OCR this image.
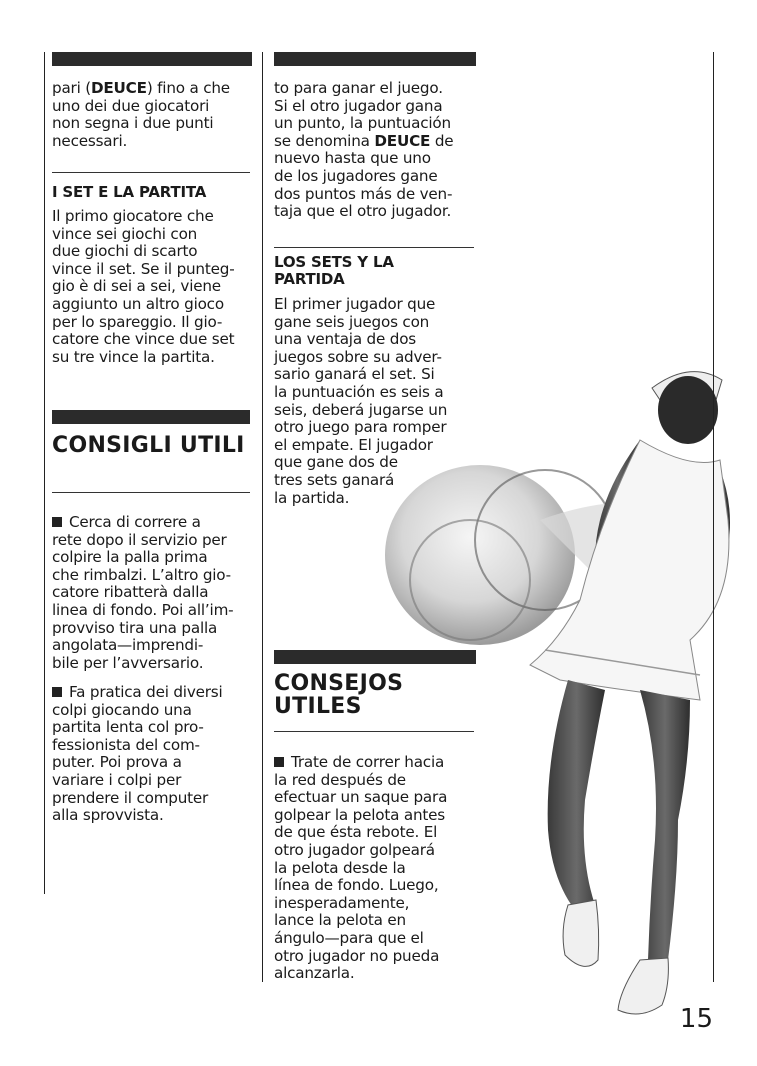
pari (DEUCE) fino a che

uno dei due giocatori

non segna i due punti

necessari.

I SET E LA PARTITA

Il primo giocatore che

vince sei giochi con

due giochi di scarto

vince il set. Se il punteg-

gio è di sei a sei, viene

aggiunto un altro gioco

per lo spareggio. Il gio-

catore che vince due set

su tre vince la partita.

CONSIGLI UTILI

Cerca di correre a

rete dopo il servizio per

colpire la palla prima

che rimbalzi. L’altro gio-

catore ribatterà dalla

linea di fondo. Poi all’im-

provviso tira una palla

angolata—imprendi-

bile per l’avversario.

Fa pratica dei diversi

colpi giocando una

partita lenta col pro-

fessionista del com-

puter. Poi prova a

variare i colpi per

prendere il computer

alla sprovvista.

to para ganar el juego.

Si el otro jugador gana

un punto, la puntuación

se denomina DEUCE de

nuevo hasta que uno

de los jugadores gane

dos puntos más de ven-

taja que el otro jugador.

LOS SETS Y LA

PARTIDA

El primer jugador que

gane seis juegos con

una ventaja de dos

juegos sobre su adver-

sario ganará el set. Si

la puntuación es seis a

seis, deberá jugarse un

otro juego para romper

el empate. El jugador

que gane dos de

tres sets ganará

la partida.

CONSEJOS

UTILES

Trate de correr hacia

la red después de

efectuar un saque para

golpear la pelota antes

de que ésta rebote. El

otro jugador golpeará

la pelota desde la

línea de fondo. Luego,

inesperadamente,

lance la pelota en

ángulo—para que el

otro jugador no pueda

alcanzarla.

15
